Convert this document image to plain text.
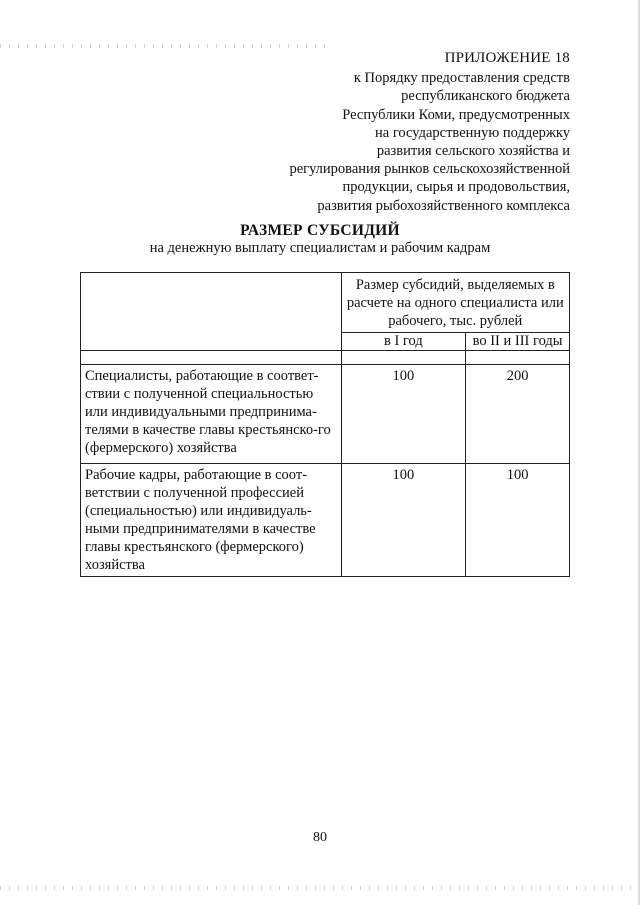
ПРИЛОЖЕНИЕ 18
к Порядку предоставления средств
республиканского бюджета
Республики Коми, предусмотренных
на государственную поддержку
развития сельского хозяйства и
регулирования рынков сельскохозяйственной
продукции, сырья и продовольствия,
развития рыбохозяйственного комплекса
РАЗМЕР СУБСИДИЙ
на денежную выплату специалистам и рабочим кадрам
	Размер субсидий, выделяемых в расчете на одного специалиста или рабочего, тыс. рублей	
	в I год	во II и III годы

Специалисты, работающие в соответ-ствии с полученной специальностью или индивидуальными предпринима-телями в качестве главы крестьянско-го (фермерского) хозяйства	100	200
Рабочие кадры, работающие в соот-ветствии с полученной профессией (специальностью) или индивидуаль-ными предпринимателями в качестве главы крестьянского (фермерского) хозяйства	100	100
80
